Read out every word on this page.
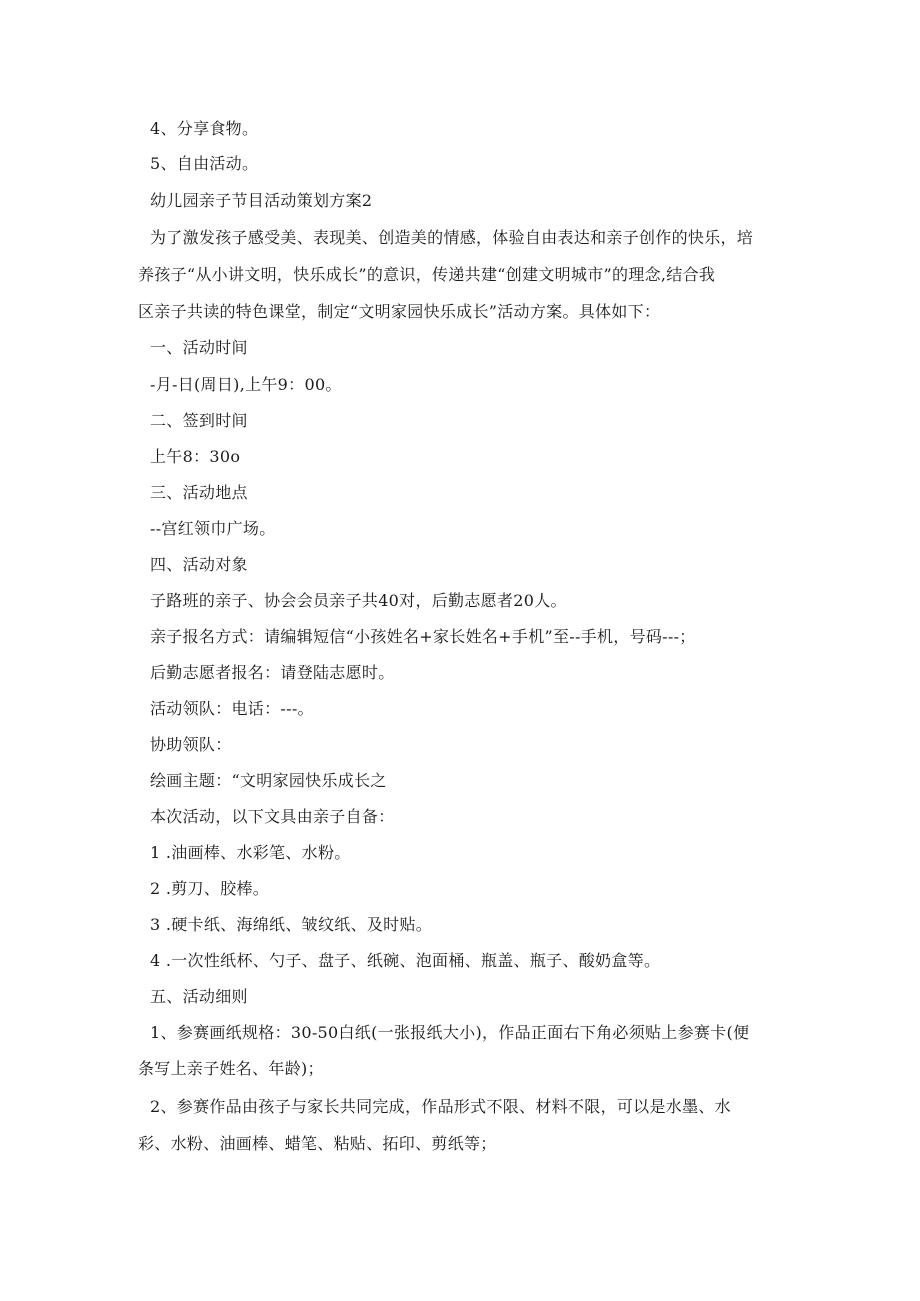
4、分享食物。
5、自由活动。
幼儿园亲子节目活动策划方案2
为了激发孩子感受美、表现美、创造美的情感，体验自由表达和亲子创作的快乐，培
养孩子“从小讲文明，快乐成长”的意识，传递共建“创建文明城市”的理念,结合我
区亲子共读的特色课堂，制定“文明家园快乐成长”活动方案。具体如下：
一、活动时间
-月-日(周日),上午9：00。
二、签到时间
上午8：30o
三、活动地点
--宫红领巾广场。
四、活动对象
子路班的亲子、协会会员亲子共40对，后勤志愿者20人。
亲子报名方式：请编辑短信“小孩姓名+家长姓名+手机”至--手机，号码---；
后勤志愿者报名：请登陆志愿时。
活动领队：电话：---。
协助领队：
绘画主题：“文明家园快乐成长之
本次活动，以下文具由亲子自备：
1 .油画棒、水彩笔、水粉。
2 .剪刀、胶棒。
3 .硬卡纸、海绵纸、皱纹纸、及时贴。
4 .一次性纸杯、勺子、盘子、纸碗、泡面桶、瓶盖、瓶子、酸奶盒等。
五、活动细则
1、参赛画纸规格：30-50白纸(一张报纸大小)，作品正面右下角必须贴上参赛卡(便
条写上亲子姓名、年龄)；
2、参赛作品由孩子与家长共同完成，作品形式不限、材料不限，可以是水墨、水
彩、水粉、油画棒、蜡笔、粘贴、拓印、剪纸等；
